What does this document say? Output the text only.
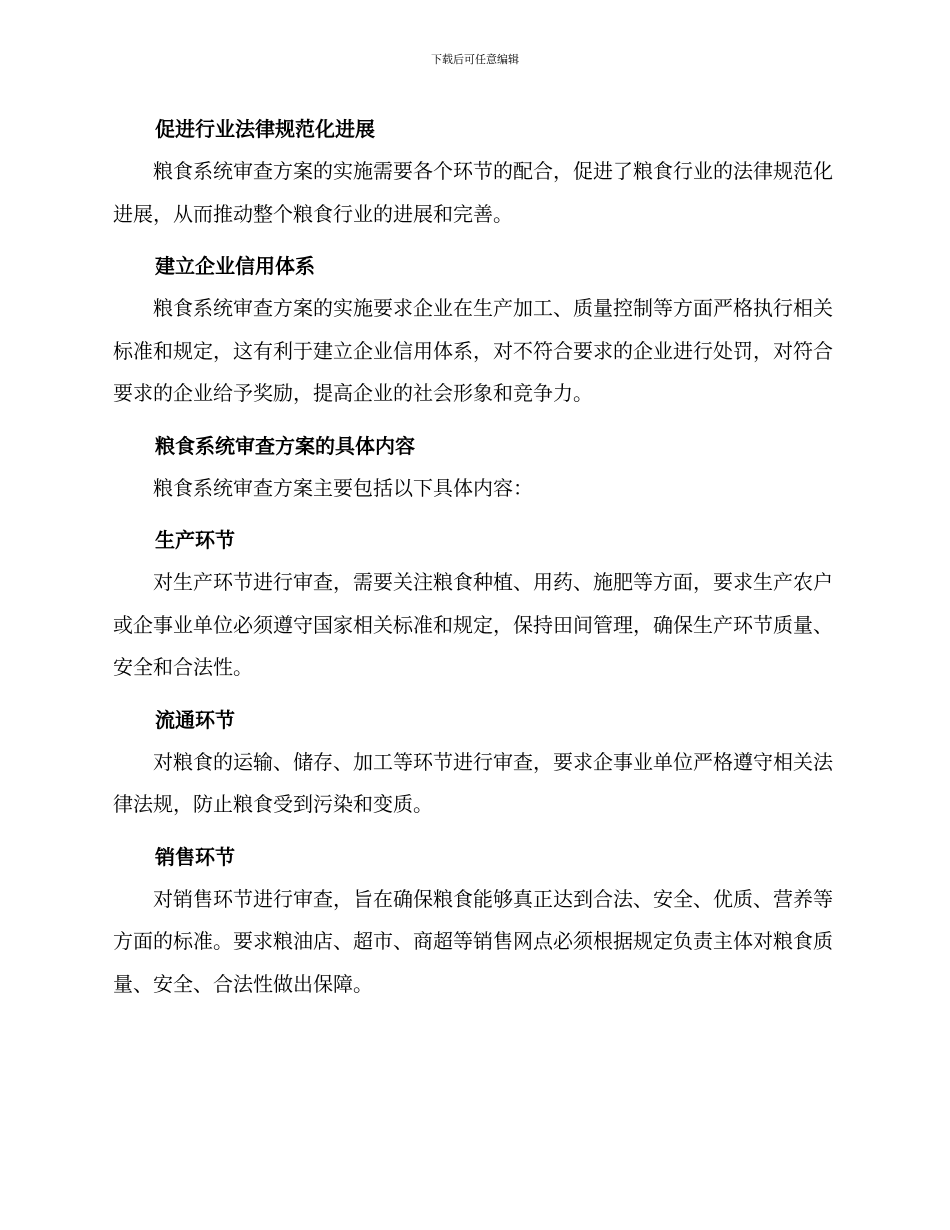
下载后可任意编辑
促进行业法律规范化进展

粮食系统审查方案的实施需要各个环节的配合，促进了粮食行业的法律规范化进展，从而推动整个粮食行业的进展和完善。

建立企业信用体系

粮食系统审查方案的实施要求企业在生产加工、质量控制等方面严格执行相关标准和规定，这有利于建立企业信用体系，对不符合要求的企业进行处罚，对符合要求的企业给予奖励，提高企业的社会形象和竞争力。

粮食系统审查方案的具体内容

粮食系统审查方案主要包括以下具体内容：

生产环节

对生产环节进行审查，需要关注粮食种植、用药、施肥等方面，要求生产农户或企事业单位必须遵守国家相关标准和规定，保持田间管理，确保生产环节质量、安全和合法性。

流通环节

对粮食的运输、储存、加工等环节进行审查，要求企事业单位严格遵守相关法律法规，防止粮食受到污染和变质。

销售环节

对销售环节进行审查，旨在确保粮食能够真正达到合法、安全、优质、营养等方面的标准。要求粮油店、超市、商超等销售网点必须根据规定负责主体对粮食质量、安全、合法性做出保障。
